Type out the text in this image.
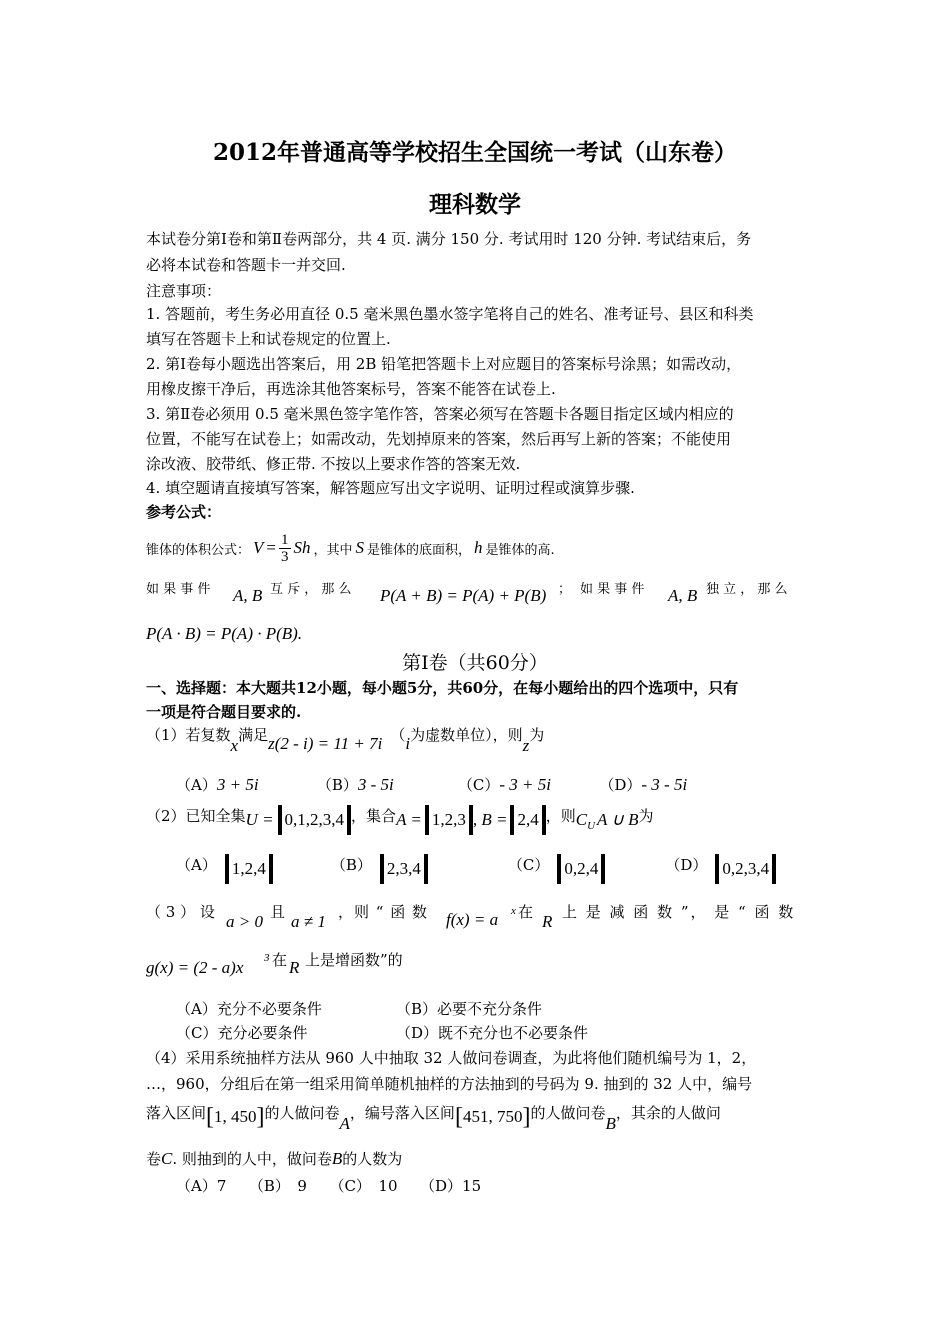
2012年普通高等学校招生全国统一考试（山东卷）
理科数学
本试卷分第Ⅰ卷和第Ⅱ卷两部分，共 4 页. 满分 150 分. 考试用时 120 分钟. 考试结束后，务
必将本试卷和答题卡一并交回.
注意事项：
1. 答题前，考生务必用直径 0.5 毫米黑色墨水签字笔将自己的姓名、准考证号、县区和科类
填写在答题卡上和试卷规定的位置上.
2. 第Ⅰ卷每小题选出答案后，用 2B 铅笔把答题卡上对应题目的答案标号涂黑；如需改动，
用橡皮擦干净后，再选涂其他答案标号，答案不能答在试卷上.
3. 第Ⅱ卷必须用 0.5 毫米黑色签字笔作答，答案必须写在答题卡各题目指定区域内相应的
位置，不能写在试卷上；如需改动，先划掉原来的答案，然后再写上新的答案；不能使用
涂改液、胶带纸、修正带. 不按以上要求作答的答案无效.
4. 填空题请直接填写答案，解答题应写出文字说明、证明过程或演算步骤.
参考公式：
锥体的体积公式： $V = \frac{1}{3}$ Sh ，其中 S 是锥体的底面积， h 是锥体的高.
如 果 事 件 A, B 互 斥 ， 那 么 P(A + B) = P(A) + P(B) ； 如 果 事 件 A, B 独 立 ， 那 么
P(A · B) = P(A) · P(B).
第Ⅰ卷（共60分）
一、选择题：本大题共12小题，每小题5分，共60分，在每小题给出的四个选项中，只有
一项是符合题目要求的.
（1）若复数
x
满足 z(2 - i) = 11 + 7i （ i 为虚数单位），则
z
为
（A） 3 + 5i	（B） 3 - 5i	（C） - 3 + 5i	（D） - 3 - 5i
（2）已知全集 U = 0,1,2,3,4 ，集合 A = 1,2,3 , B = 2,4 ，则 C U A ∪ B 为
（A） 1,2,4	（B） 2,3,4	（C） 0,2,4	（D） 0,2,3,4
（ 3 ） 设 a > 0 且 a ≠ 1 ，则 “ 函 数 f(x) = a x 在 R 上 是 减 函 数 ”， 是 “ 函 数
g(x) = (2 - a)x 3 在 R 上是增函数”的
（A）充分不必要条件	（B）必要不充分条件
（C）充分必要条件	（D）既不充分也不必要条件
（4）采用系统抽样方法从 960 人中抽取 32 人做问卷调查，为此将他们随机编号为 1，2，
…，960，分组后在第一组采用简单随机抽样的方法抽到的号码为 9. 抽到的 32 人中，编号
落入区间 [ 1, 450 ] 的人做问卷
A
，编号落入区间 [ 451, 750 ] 的人做问卷
B
，其余的人做问
卷 C . 则抽到的人中，做问卷 B 的人数为
（A）7　　（B）　9　　（C）　10　　（D）15
